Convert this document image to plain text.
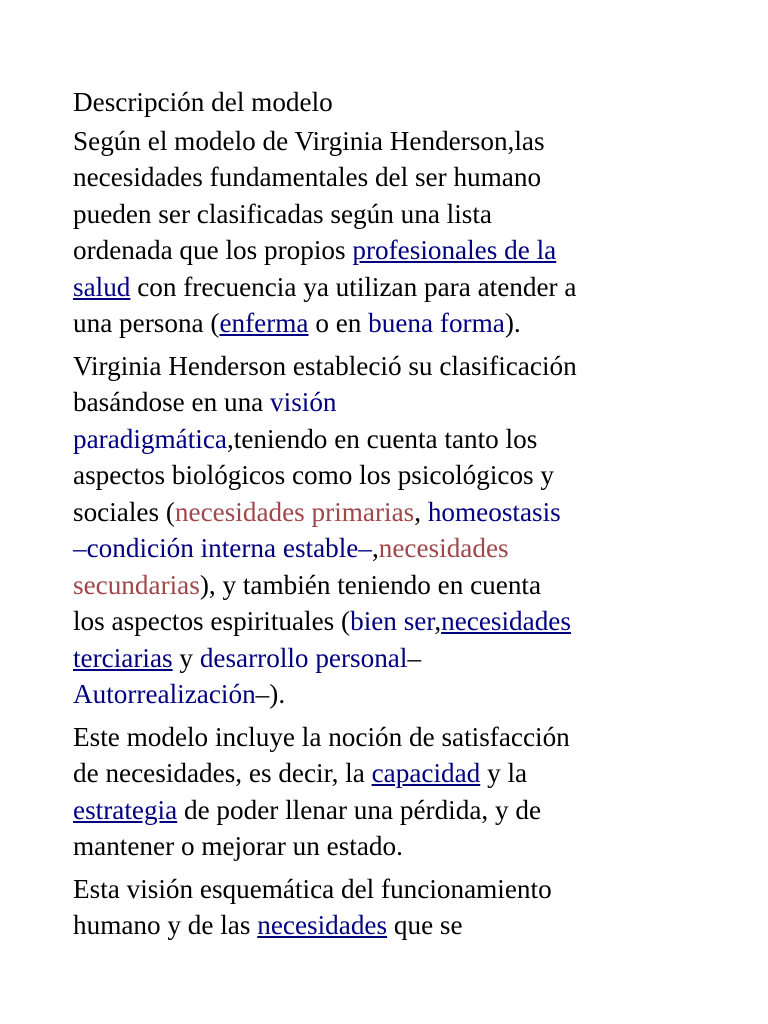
Descripción del modelo
Según el modelo de Virginia Henderson,las
necesidades fundamentales del ser humano
pueden ser clasificadas según una lista
ordenada que los propios profesionales de la
salud con frecuencia ya utilizan para atender a
una persona (enferma o en buena forma).
Virginia Henderson estableció su clasificación
basándose en una visión
paradigmática,teniendo en cuenta tanto los
aspectos biológicos como los psicológicos y
sociales (necesidades primarias, homeostasis
–condición interna estable–,necesidades
secundarias), y también teniendo en cuenta
los aspectos espirituales (bien ser,necesidades
terciarias y desarrollo personal–
Autorrealización–).
Este modelo incluye la noción de satisfacción
de necesidades, es decir, la capacidad y la
estrategia de poder llenar una pérdida, y de
mantener o mejorar un estado.
Esta visión esquemática del funcionamiento
humano y de las necesidades que se
